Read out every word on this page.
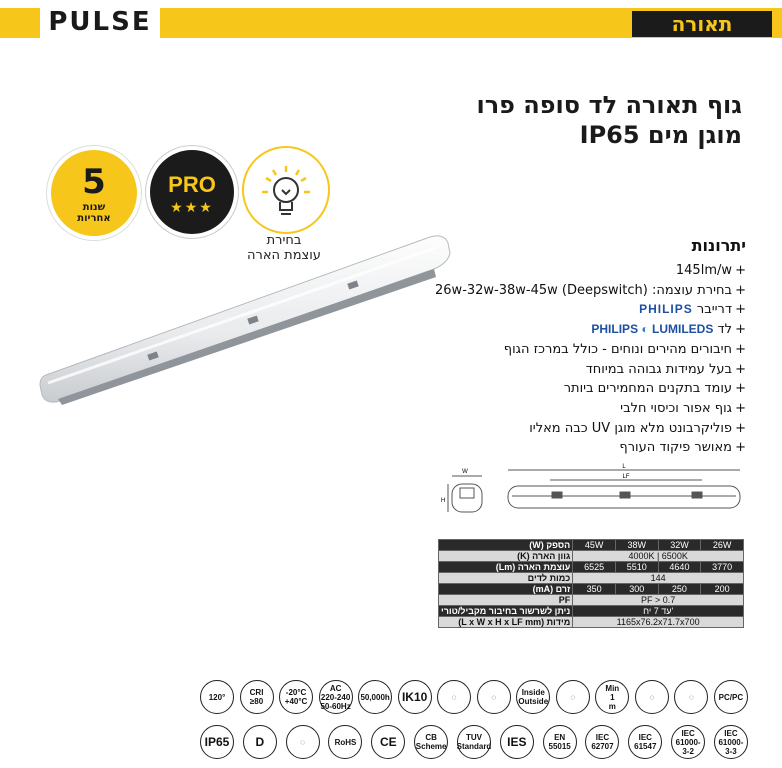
PULSE	תאורה
גוף תאורה לד סופה פרו
מוגן מים IP65
5
שנות
אחריות
PRO
★★★
בחירת
עוצמת הארה
יתרונות
+145lm/w
+בחירת עוצמה: 26w-32w-38w-45w (Deepswitch)
+דרייבר PHILIPS
+לד PHILIPS ◐ LUMILEDS
+חיבורים מהירים ונוחים - כולל במרכז הגוף
+בעל עמידות גבוהה במיוחד
+עומד בתקנים המחמירים ביותר
+גוף אפור וכיסוי חלבי
+פוליקרבונט מלא מוגן UV כבה מאליו
+מאושר פיקוד העורף
W
H
L
LF
הספק (W)	45W	38W	32W	26W
גוון הארה (K)	4000K | 6500K			
עוצמת הארה (Lm)	6525	5510	4640	3770
כמות לדים	144			
זרם (mA)	350	300	250	200
PF	PF > 0.7			
ניתן לשרשור בחיבור מקביל/טורי	עד 7 יח'			
מידות (L x W x H x LF mm)	1165x76.2x71.7x700			
120°	CRI
≥80
-20°C
+40°C
AC
220-240
50-60Hz
50,000h	IK10	◌	◌	Inside
Outside	◌
Min
1
m
◌	◌	PC/PC
IP65	D	◌	RoHS	CE	CB
Scheme
TUV
Standard	IES	EN
55015
IEC
62707
IEC
61547
IEC
61000-3-2
IEC
61000-3-3
